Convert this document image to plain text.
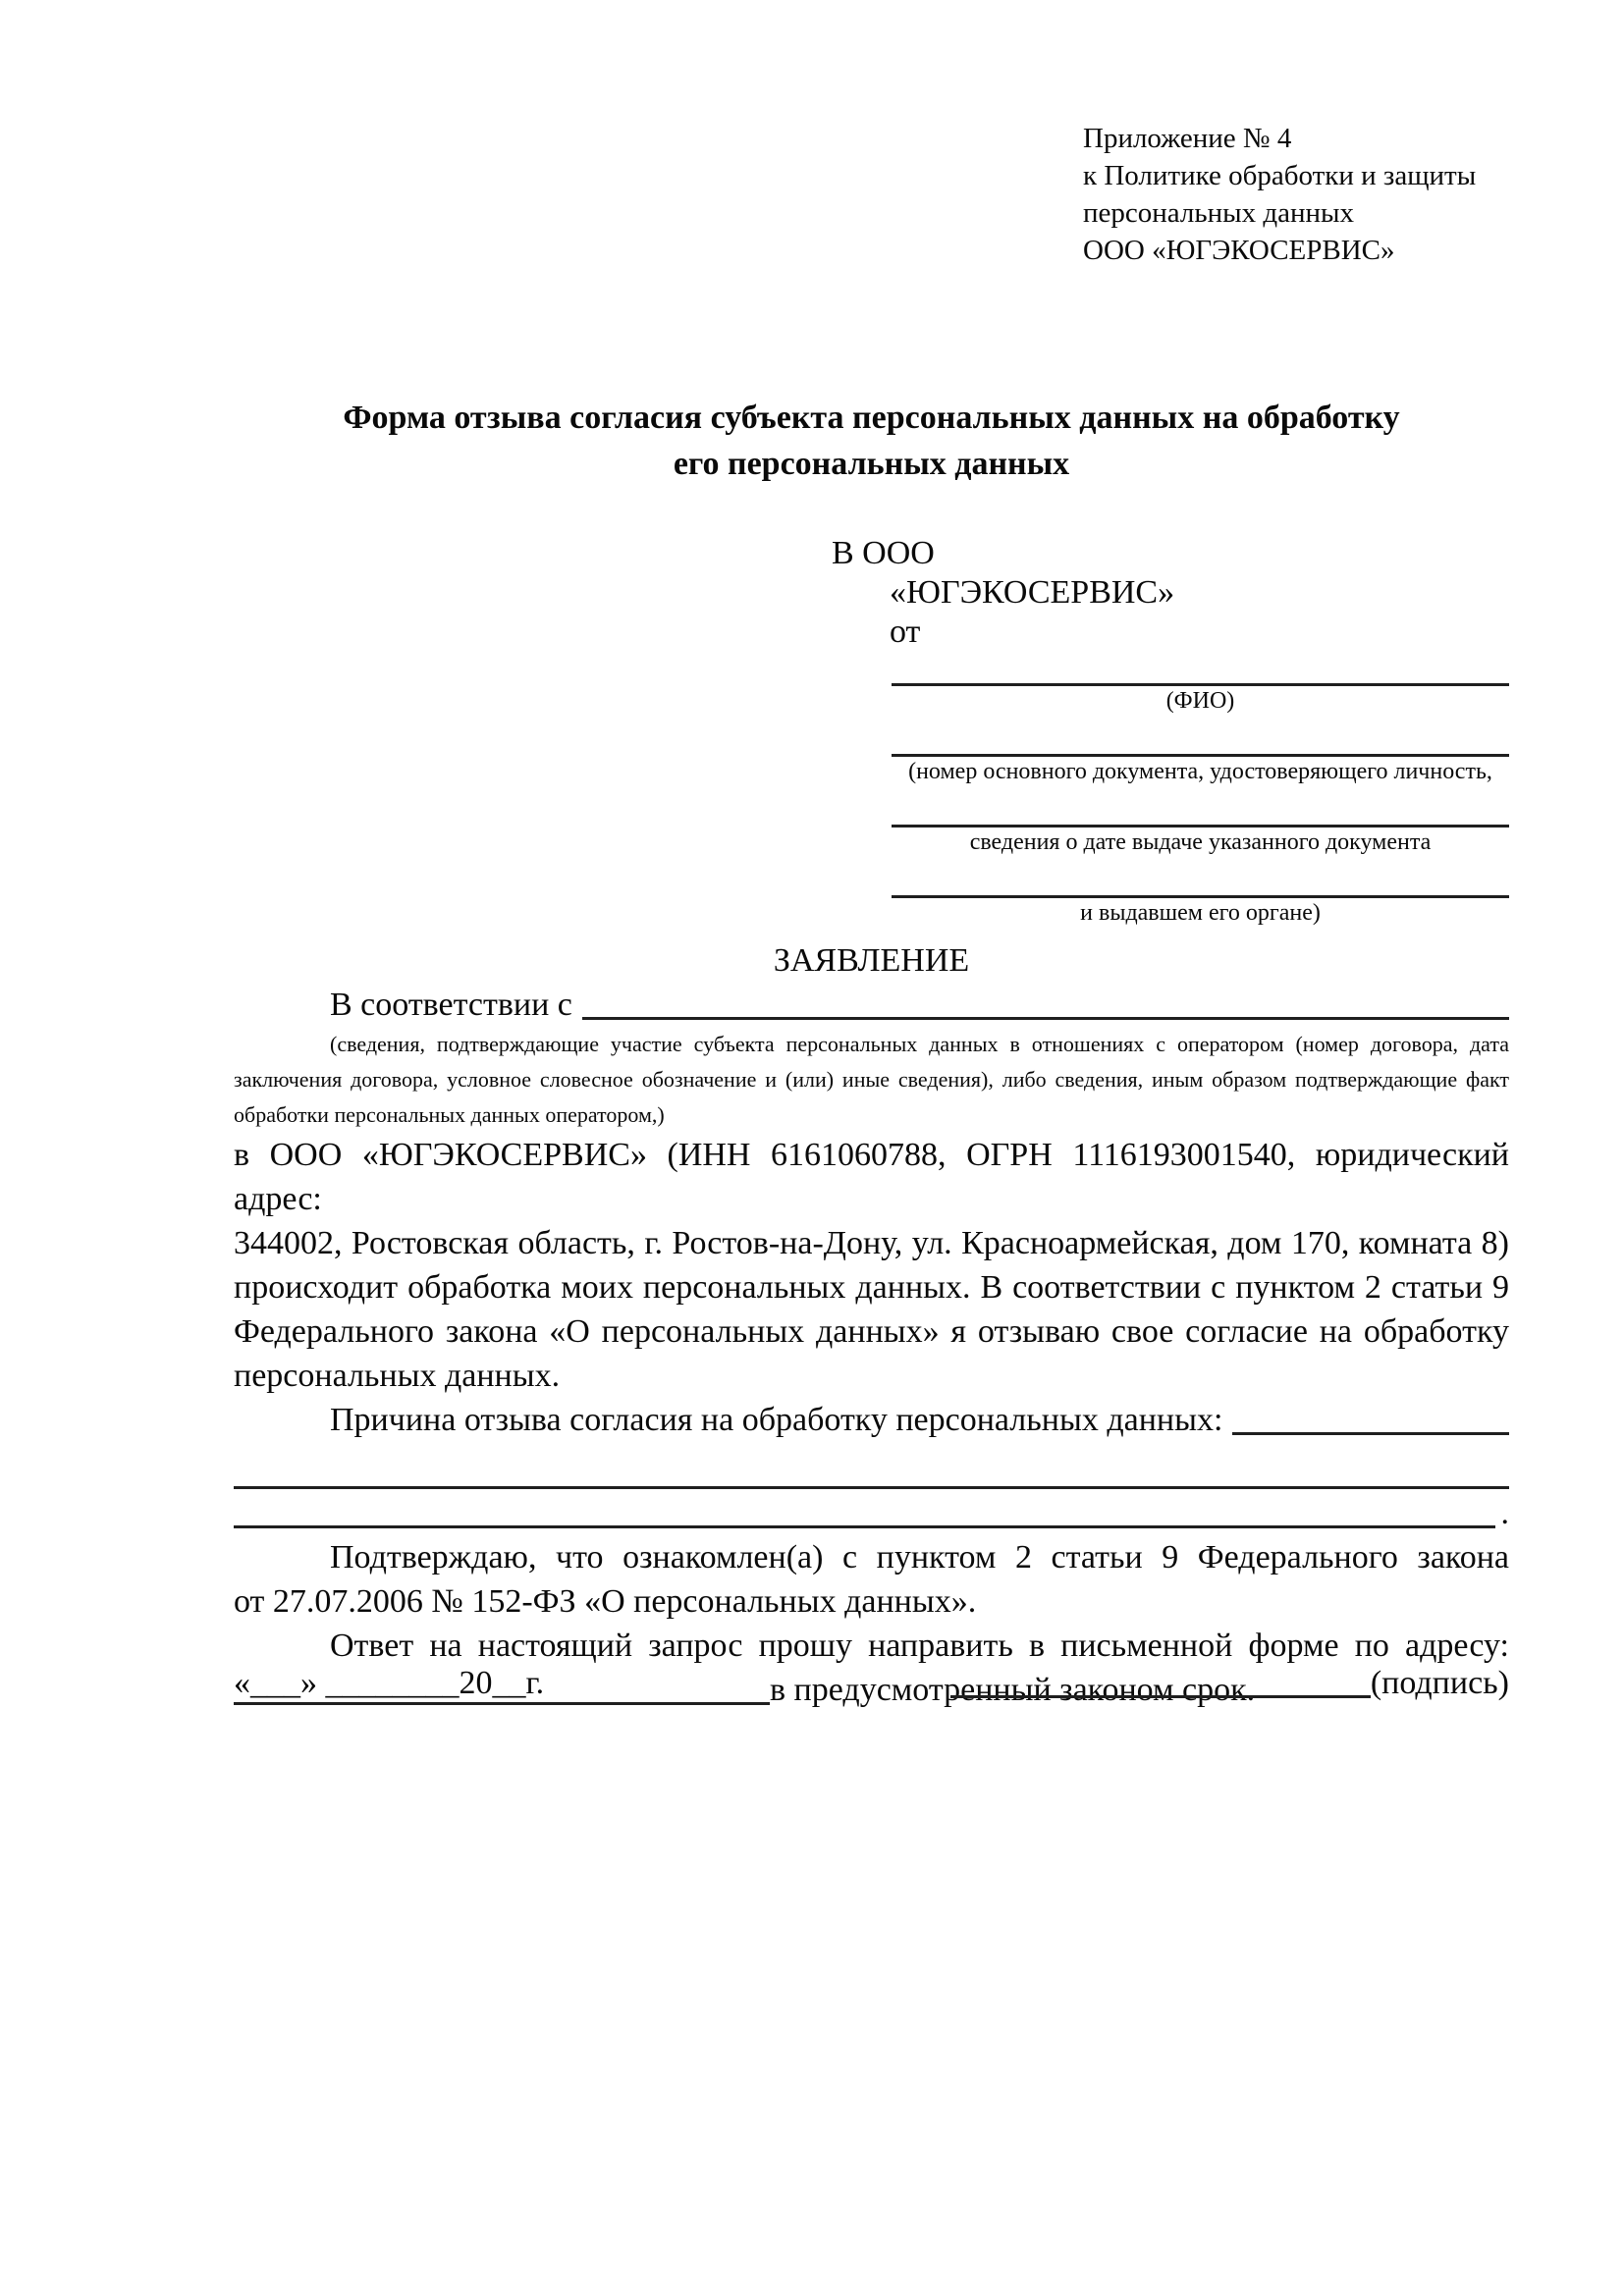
Приложение № 4
к Политике обработки и защиты
персональных данных
ООО «ЮГЭКОСЕРВИС»
Форма отзыва согласия субъекта персональных данных на обработку
его персональных данных
В ООО
«ЮГЭКОСЕРВИС»
от
(ФИО)
(номер основного документа, удостоверяющего личность,
сведения о дате выдаче указанного документа
и выдавшем его органе)
ЗАЯВЛЕНИЕ
В соответствии с
(сведения, подтверждающие участие субъекта персональных данных в отношениях с оператором (номер договора, дата
заключения договора, условное словесное обозначение и (или) иные сведения), либо сведения, иным образом подтверждающие факт
обработки персональных данных оператором,)
в ООО «ЮГЭКОСЕРВИС» (ИНН 6161060788, ОГРН 1116193001540, юридический адрес:
344002, Ростовская область, г. Ростов-на-Дону, ул. Красноармейская, дом 170, комната 8)
происходит обработка моих персональных данных. В соответствии с пунктом 2 статьи 9
Федерального закона «О персональных данных» я отзываю свое согласие на обработку
персональных данных.
Причина отзыва согласия на обработку персональных данных:
.
Подтверждаю, что ознакомлен(а) с пунктом 2 статьи 9 Федерального закона
от 27.07.2006 № 152-ФЗ «О персональных данных».
Ответ на настоящий запрос прошу направить в письменной форме по адресу:
в предусмотренный законом срок.
«___» ________20__г.	(подпись)
